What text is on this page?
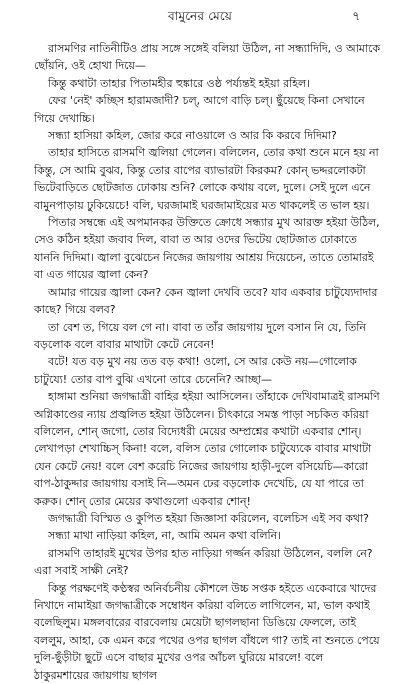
বামুনের মেয়ে	৭

রাসমণির নাতিনীটিও প্রায় সঙ্গে সঙ্গেই বলিয়া উঠিল, না সন্ধ্যাদিদি, ও আমাকে ছোঁয়নি, ওই হোথা দিয়ে—

কিন্তু কথাটা তাহার পিতামহীর হুঙ্কারে ওষ্ঠ পর্য্যন্তই হইয়া রহিল।

ফের 'নেই' কচ্ছিস হারামজাদী? চল্, আগে বাড়ি চল্। ছুঁয়েছে কিনা সেখানে গিয়ে দেখাচ্চি।

সন্ধ্যা হাসিয়া কহিল, জোর করে নাওয়ালে ও আর কি করবে দিদিমা?

তাহার হাসিতে রাসমণি জ্বলিয়া গেলেন। বলিলেন, তোর কথা শুনে মনে হয় না কিন্তু, সে আমি বুঝব, কিন্তু তোর বাপের ব্যাভারটা কিরকম? কোন্ ভদ্দরলোকটা ভিটেবাড়িতে ছোটজাত ঢোকায় শুনি? লোকে কথায় বলে, দুলে। সেই দুলে এনে বামুনপাড়ায় ঢুকিয়েচে! বলি, ঘরজামাই ঘরজামাইয়ের মত থাকলেই ত ভাল হয়।

পিতার সম্বন্ধে এই অপমানকর উক্তিতে ক্রোধে সন্ধ্যার মুখ আরক্ত হইয়া উঠিল, সেও কঠিন হইয়া জবাব দিল, বাবা ত আর ওদের ভিটেয় ছোটজাত ঢোকাতে যাননি দিদিমা। জ্বালা বুঝেচেন নিজের জায়গায় আশ্রয় দিয়েচেন, তাতে তোমারই বা এত গায়ের জ্বালা কেন?

আমার গায়ের জ্বালা কেন? কেন জ্বালা দেখবি তবে? যাব একবার চাটুয্যেদাদার কাছে? গিয়ে বলব?

তা বেশ ত, গিয়ে বল গে না। বাবা ত তাঁর জায়গায় দুলে বসান নি যে, তিনি বড়লোক বলে বাবার মাথাটা কেটে নেবেন!

বটে! যত বড় মুখ নয় তত বড় কথা! ওলো, সে আর কেউ নয়—গোলোক চাটুয্যে! তোর বাপ বুঝি এখনো তারে চেনেনি? আচ্ছা—

হাঙ্গামা শুনিয়া জগদ্ধাত্রী বাহির হইয়া আসিলেন। তাঁহাকে দেখিবামাত্রই রাসমণি অগ্নিকাণ্ডের ন্যায় প্রজ্বলিত হইয়া উঠিলেন। চীৎকারে সমস্ত পাড়া সচকিত করিয়া বলিলেন, শোন্ জগো, তোর বিদ্যেধরী মেয়ের অম্প্রশ্নের কথাটা একবার শোন্। লেখাপড়া শেখাচ্চিস্ কিনা! বলে, বলিস তোর গোলোক চাটুয্যেকে বাবার মাথাটা যেন কেটে নেয়! বলে বেশ করেচি নিজের জায়গায় হাড়ী-দুলে বসিয়েচি—কারো বাপ-ঠাকুদ্দার জায়গায় বসাই নি—অমন ঢের বড়লোক দেখেচি, যে যা পারে তা করুক। শোন্ তোর মেয়ের কথাগুলো একবার শোন্!

জগদ্ধাত্রী বিস্মিত ও কুপিত হইয়া জিজ্ঞাসা করিলেন, বলেচিস এই সব কথা?

সন্ধ্যা মাথা নাড়িয়া কহিল, না, আমি অমন কথা বলিনি।

রাসমণি তাহারই মুখের উপর হাত নাড়িয়া গর্জ্জন করিয়া উঠিলেন, বললি নে? এরা সবাই সাক্ষী নেই?

কিন্তু পরক্ষণেই কণ্ঠস্বর অনির্বচনীয় কৌশলে উচ্চ সপ্তক হইতে একেবারে খাদের নিখাদে নামাইয়া জগদ্ধাত্রীকে সম্বোধন করিয়া বলিতে লাগিলেন, মা, ভাল কথাই বলেছিলুম। মঙ্গলবারের বারবেলায় মেয়েটা ছাগলছানা ডিঙিয়ে ফেললে, তাই বললুম, আহা, কে এমন করে পথের ওপর ছাগল বাঁধলে গা? তাই না শুনতে পেয়ে দুলি-ছুঁড়ীটা ছুটে এসে বাছার মুখের ওপর আঁচল ঘুরিয়ে মারলে! বলে ঠাকুরমশায়ের জায়গায় ছাগল
